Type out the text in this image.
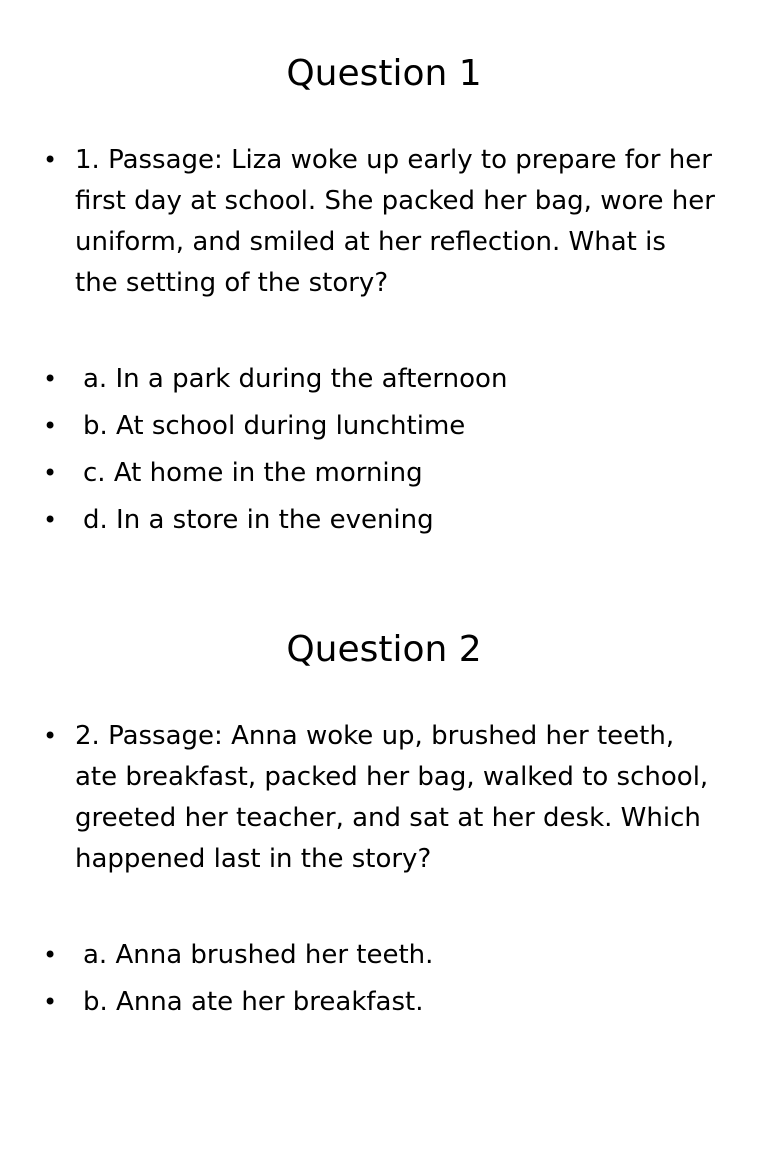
Question 1

• 1. Passage: Liza woke up early to prepare for her first day at school. She packed her bag, wore her uniform, and smiled at her reflection. What is the setting of the story?

• a. In a park during the afternoon
• b. At school during lunchtime
• c. At home in the morning
• d. In a store in the evening
Question 2

• 2. Passage: Anna woke up, brushed her teeth, ate breakfast, packed her bag, walked to school, greeted her teacher, and sat at her desk. Which happened last in the story?

• a. Anna brushed her teeth.
• b. Anna ate her breakfast.
